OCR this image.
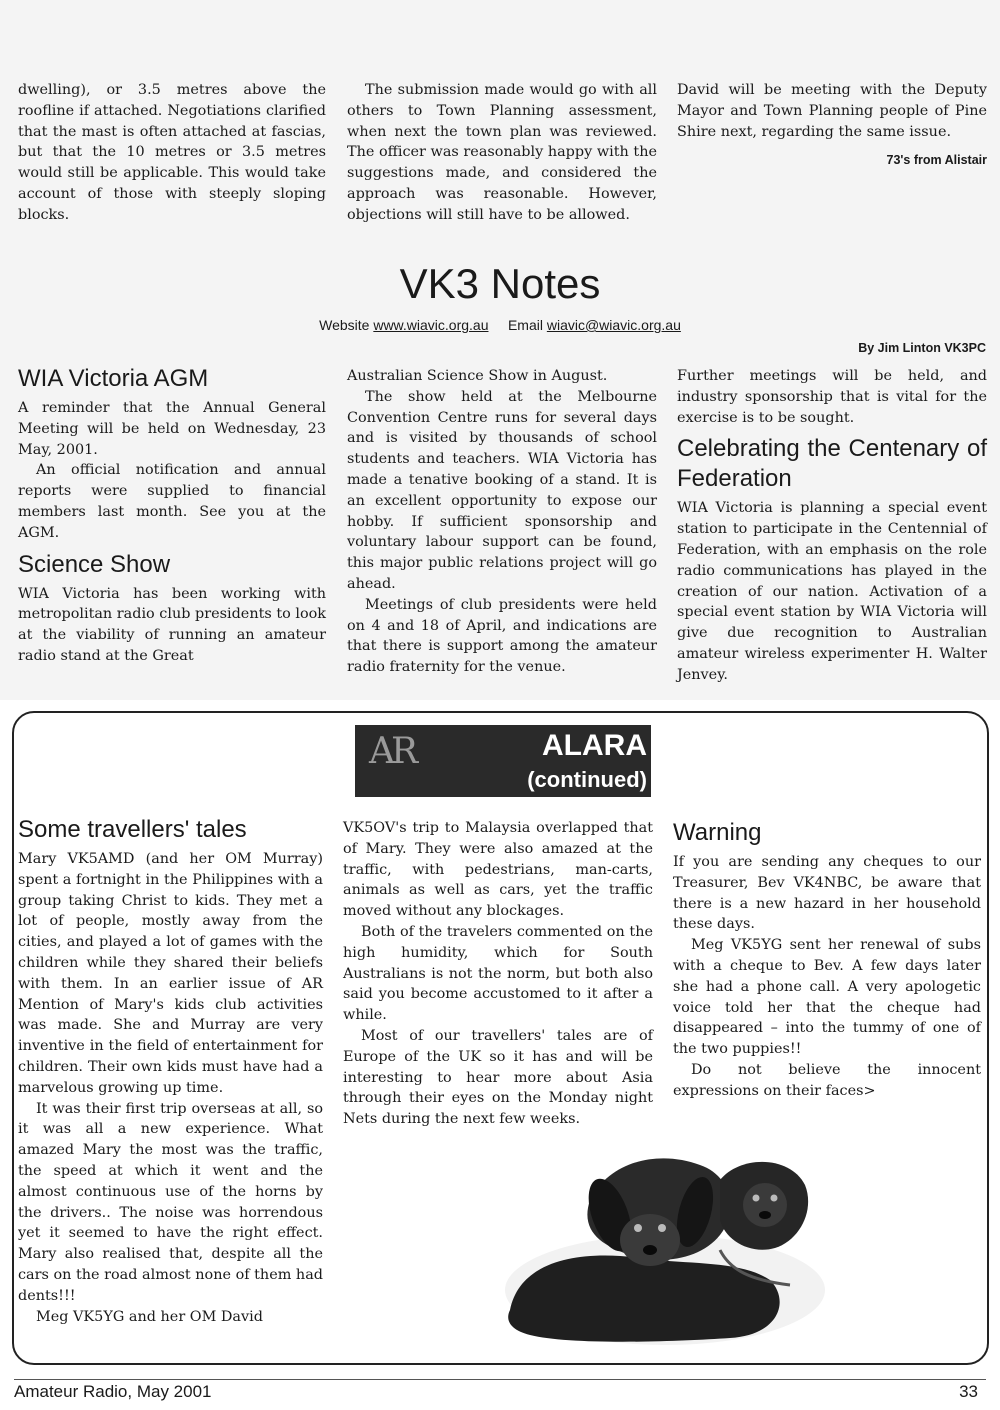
dwelling), or 3.5 metres above the roofline if attached. Negotiations clarified that the mast is often attached at fascias, but that the 10 metres or 3.5 metres would still be applicable. This would take account of those with steeply sloping blocks.

The submission made would go with all others to Town Planning assessment, when next the town plan was reviewed. The officer was reasonably happy with the suggestions made, and considered the approach was reasonable. However, objections will still have to be allowed.

David will be meeting with the Deputy Mayor and Town Planning people of Pine Shire next, regarding the same issue.

73's from Alistair

VK3 Notes
Website www.wiavic.org.au Email wiavic@wiavic.org.au
By Jim Linton VK3PC
WIA Victoria AGM

A reminder that the Annual General Meeting will be held on Wednesday, 23 May, 2001.

An official notification and annual reports were supplied to financial members last month. See you at the AGM.

Science Show

WIA Victoria has been working with metropolitan radio club presidents to look at the viability of running an amateur radio stand at the Great

Australian Science Show in August.

The show held at the Melbourne Convention Centre runs for several days and is visited by thousands of school students and teachers. WIA Victoria has made a tenative booking of a stand. It is an excellent opportunity to expose our hobby. If sufficient sponsorship and voluntary labour support can be found, this major public relations project will go ahead.

Meetings of club presidents were held on 4 and 18 of April, and indications are that there is support among the amateur radio fraternity for the venue.

Further meetings will be held, and industry sponsorship that is vital for the exercise is to be sought.

Celebrating the Centenary of Federation

WIA Victoria is planning a special event station to participate in the Centennial of Federation, with an emphasis on the role radio communications has played in the creation of our nation. Activation of a special event station by WIA Victoria will give due recognition to Australian amateur wireless experimenter H. Walter Jenvey.

AR	ALARA
(continued)
Some travellers' tales

Mary VK5AMD (and her OM Murray) spent a fortnight in the Philippines with a group taking Christ to kids. They met a lot of people, mostly away from the cities, and played a lot of games with the children while they shared their beliefs with them. In an earlier issue of AR Mention of Mary's kids club activities was made. She and Murray are very inventive in the field of entertainment for children. Their own kids must have had a marvelous growing up time.

It was their first trip overseas at all, so it was all a new experience. What amazed Mary the most was the traffic, the speed at which it went and the almost continuous use of the horns by the drivers.. The noise was horrendous yet it seemed to have the right effect. Mary also realised that, despite all the cars on the road almost none of them had dents!!!

Meg VK5YG and her OM David

VK5OV's trip to Malaysia overlapped that of Mary. They were also amazed at the traffic, with pedestrians, man-carts, animals as well as cars, yet the traffic moved without any blockages.

Both of the travelers commented on the high humidity, which for South Australians is not the norm, but both also said you become accustomed to it after a while.

Most of our travellers' tales are of Europe of the UK so it has and will be interesting to hear more about Asia through their eyes on the Monday night Nets during the next few weeks.

Warning

If you are sending any cheques to our Treasurer, Bev VK4NBC, be aware that there is a new hazard in her household these days.

Meg VK5YG sent her renewal of subs with a cheque to Bev. A few days later she had a phone call. A very apologetic voice told her that the cheque had disappeared – into the tummy of one of the two puppies!!

Do not believe the innocent expressions on their faces>

Amateur Radio, May 2001	33
